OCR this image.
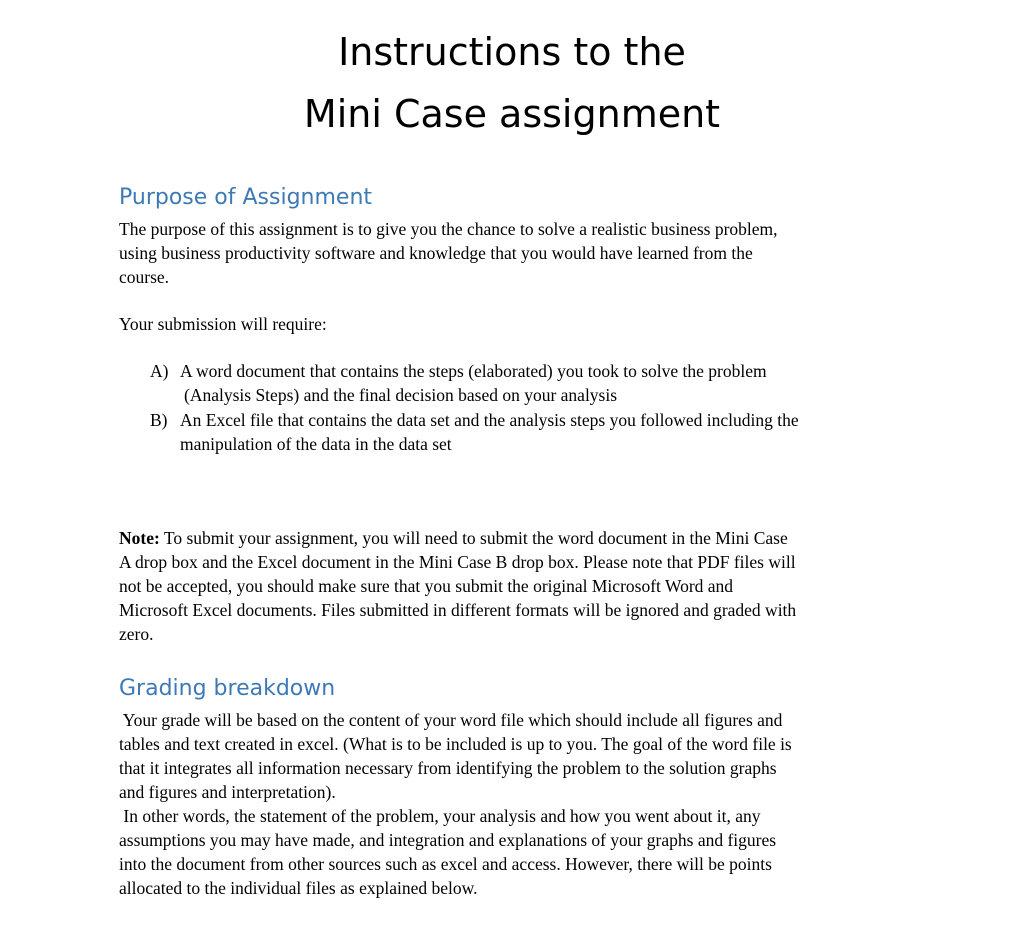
Instructions to the
Mini Case assignment
Purpose of Assignment
The purpose of this assignment is to give you the chance to solve a realistic business problem,
using business productivity software and knowledge that you would have learned from the
course.
Your submission will require:
A) A word document that contains the steps (elaborated) you took to solve the problem
(Analysis Steps) and the final decision based on your analysis
B) An Excel file that contains the data set and the analysis steps you followed including the
manipulation of the data in the data set
Note: To submit your assignment, you will need to submit the word document in the Mini Case
A drop box and the Excel document in the Mini Case B drop box. Please note that PDF files will
not be accepted, you should make sure that you submit the original Microsoft Word and
Microsoft Excel documents. Files submitted in different formats will be ignored and graded with
zero.
Grading breakdown
Your grade will be based on the content of your word file which should include all figures and
tables and text created in excel. (What is to be included is up to you. The goal of the word file is
that it integrates all information necessary from identifying the problem to the solution graphs
and figures and interpretation).
In other words, the statement of the problem, your analysis and how you went about it, any
assumptions you may have made, and integration and explanations of your graphs and figures
into the document from other sources such as excel and access. However, there will be points
allocated to the individual files as explained below.
